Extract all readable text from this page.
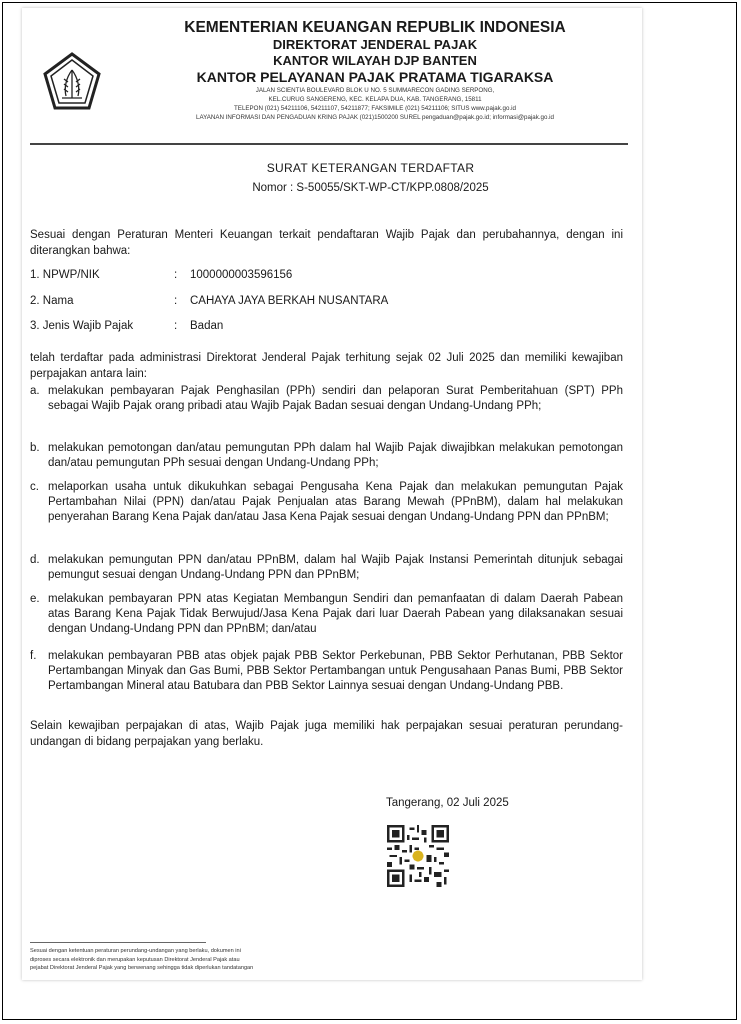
KEMENTERIAN KEUANGAN REPUBLIK INDONESIA
DIREKTORAT JENDERAL PAJAK
KANTOR WILAYAH DJP BANTEN
KANTOR PELAYANAN PAJAK PRATAMA TIGARAKSA
JALAN SCIENTIA BOULEVARD BLOK U NO. 5 SUMMARECON GADING SERPONG,
KEL.CURUG SANGERENG, KEC. KELAPA DUA, KAB. TANGERANG, 15811
TELEPON (021) 54211106, 54211107, 54211877; FAKSIMILE (021) 54211106; SITUS www.pajak.go.id
LAYANAN INFORMASI DAN PENGADUAN KRING PAJAK (021)1500200 SUREL pengaduan@pajak.go.id; informasi@pajak.go.id
SURAT KETERANGAN TERDAFTAR
Nomor : S-50055/SKT-WP-CT/KPP.0808/2025
Sesuai dengan Peraturan Menteri Keuangan terkait pendaftaran Wajib Pajak dan perubahannya, dengan ini diterangkan bahwa:
1. NPWP/NIK	: 1000000003596156
2. Nama	: CAHAYA JAYA BERKAH NUSANTARA
3. Jenis Wajib Pajak	: Badan
telah terdaftar pada administrasi Direktorat Jenderal Pajak terhitung sejak 02 Juli 2025 dan memiliki kewajiban perpajakan antara lain:
a. melakukan pembayaran Pajak Penghasilan (PPh) sendiri dan pelaporan Surat Pemberitahuan (SPT) PPh sebagai Wajib Pajak orang pribadi atau Wajib Pajak Badan sesuai dengan Undang-Undang PPh;
b. melakukan pemotongan dan/atau pemungutan PPh dalam hal Wajib Pajak diwajibkan melakukan pemotongan dan/atau pemungutan PPh sesuai dengan Undang-Undang PPh;
c. melaporkan usaha untuk dikukuhkan sebagai Pengusaha Kena Pajak dan melakukan pemungutan Pajak Pertambahan Nilai (PPN) dan/atau Pajak Penjualan atas Barang Mewah (PPnBM), dalam hal melakukan penyerahan Barang Kena Pajak dan/atau Jasa Kena Pajak sesuai dengan Undang-Undang PPN dan PPnBM;
d. melakukan pemungutan PPN dan/atau PPnBM, dalam hal Wajib Pajak Instansi Pemerintah ditunjuk sebagai pemungut sesuai dengan Undang-Undang PPN dan PPnBM;
e. melakukan pembayaran PPN atas Kegiatan Membangun Sendiri dan pemanfaatan di dalam Daerah Pabean atas Barang Kena Pajak Tidak Berwujud/Jasa Kena Pajak dari luar Daerah Pabean yang dilaksanakan sesuai dengan Undang-Undang PPN dan PPnBM; dan/atau
f. melakukan pembayaran PBB atas objek pajak PBB Sektor Perkebunan, PBB Sektor Perhutanan, PBB Sektor Pertambangan Minyak dan Gas Bumi, PBB Sektor Pertambangan untuk Pengusahaan Panas Bumi, PBB Sektor Pertambangan Mineral atau Batubara dan PBB Sektor Lainnya sesuai dengan Undang-Undang PBB.
Selain kewajiban perpajakan di atas, Wajib Pajak juga memiliki hak perpajakan sesuai peraturan perundang-undangan di bidang perpajakan yang berlaku.
Tangerang, 02 Juli 2025
Sesuai dengan ketentuan peraturan perundang-undangan yang berlaku, dokumen ini
diproses secara elektronik dan merupakan keputusan Direktorat Jenderal Pajak atau
pejabat Direktorat Jenderal Pajak yang berwenang sehingga tidak diperlukan tandatangan
